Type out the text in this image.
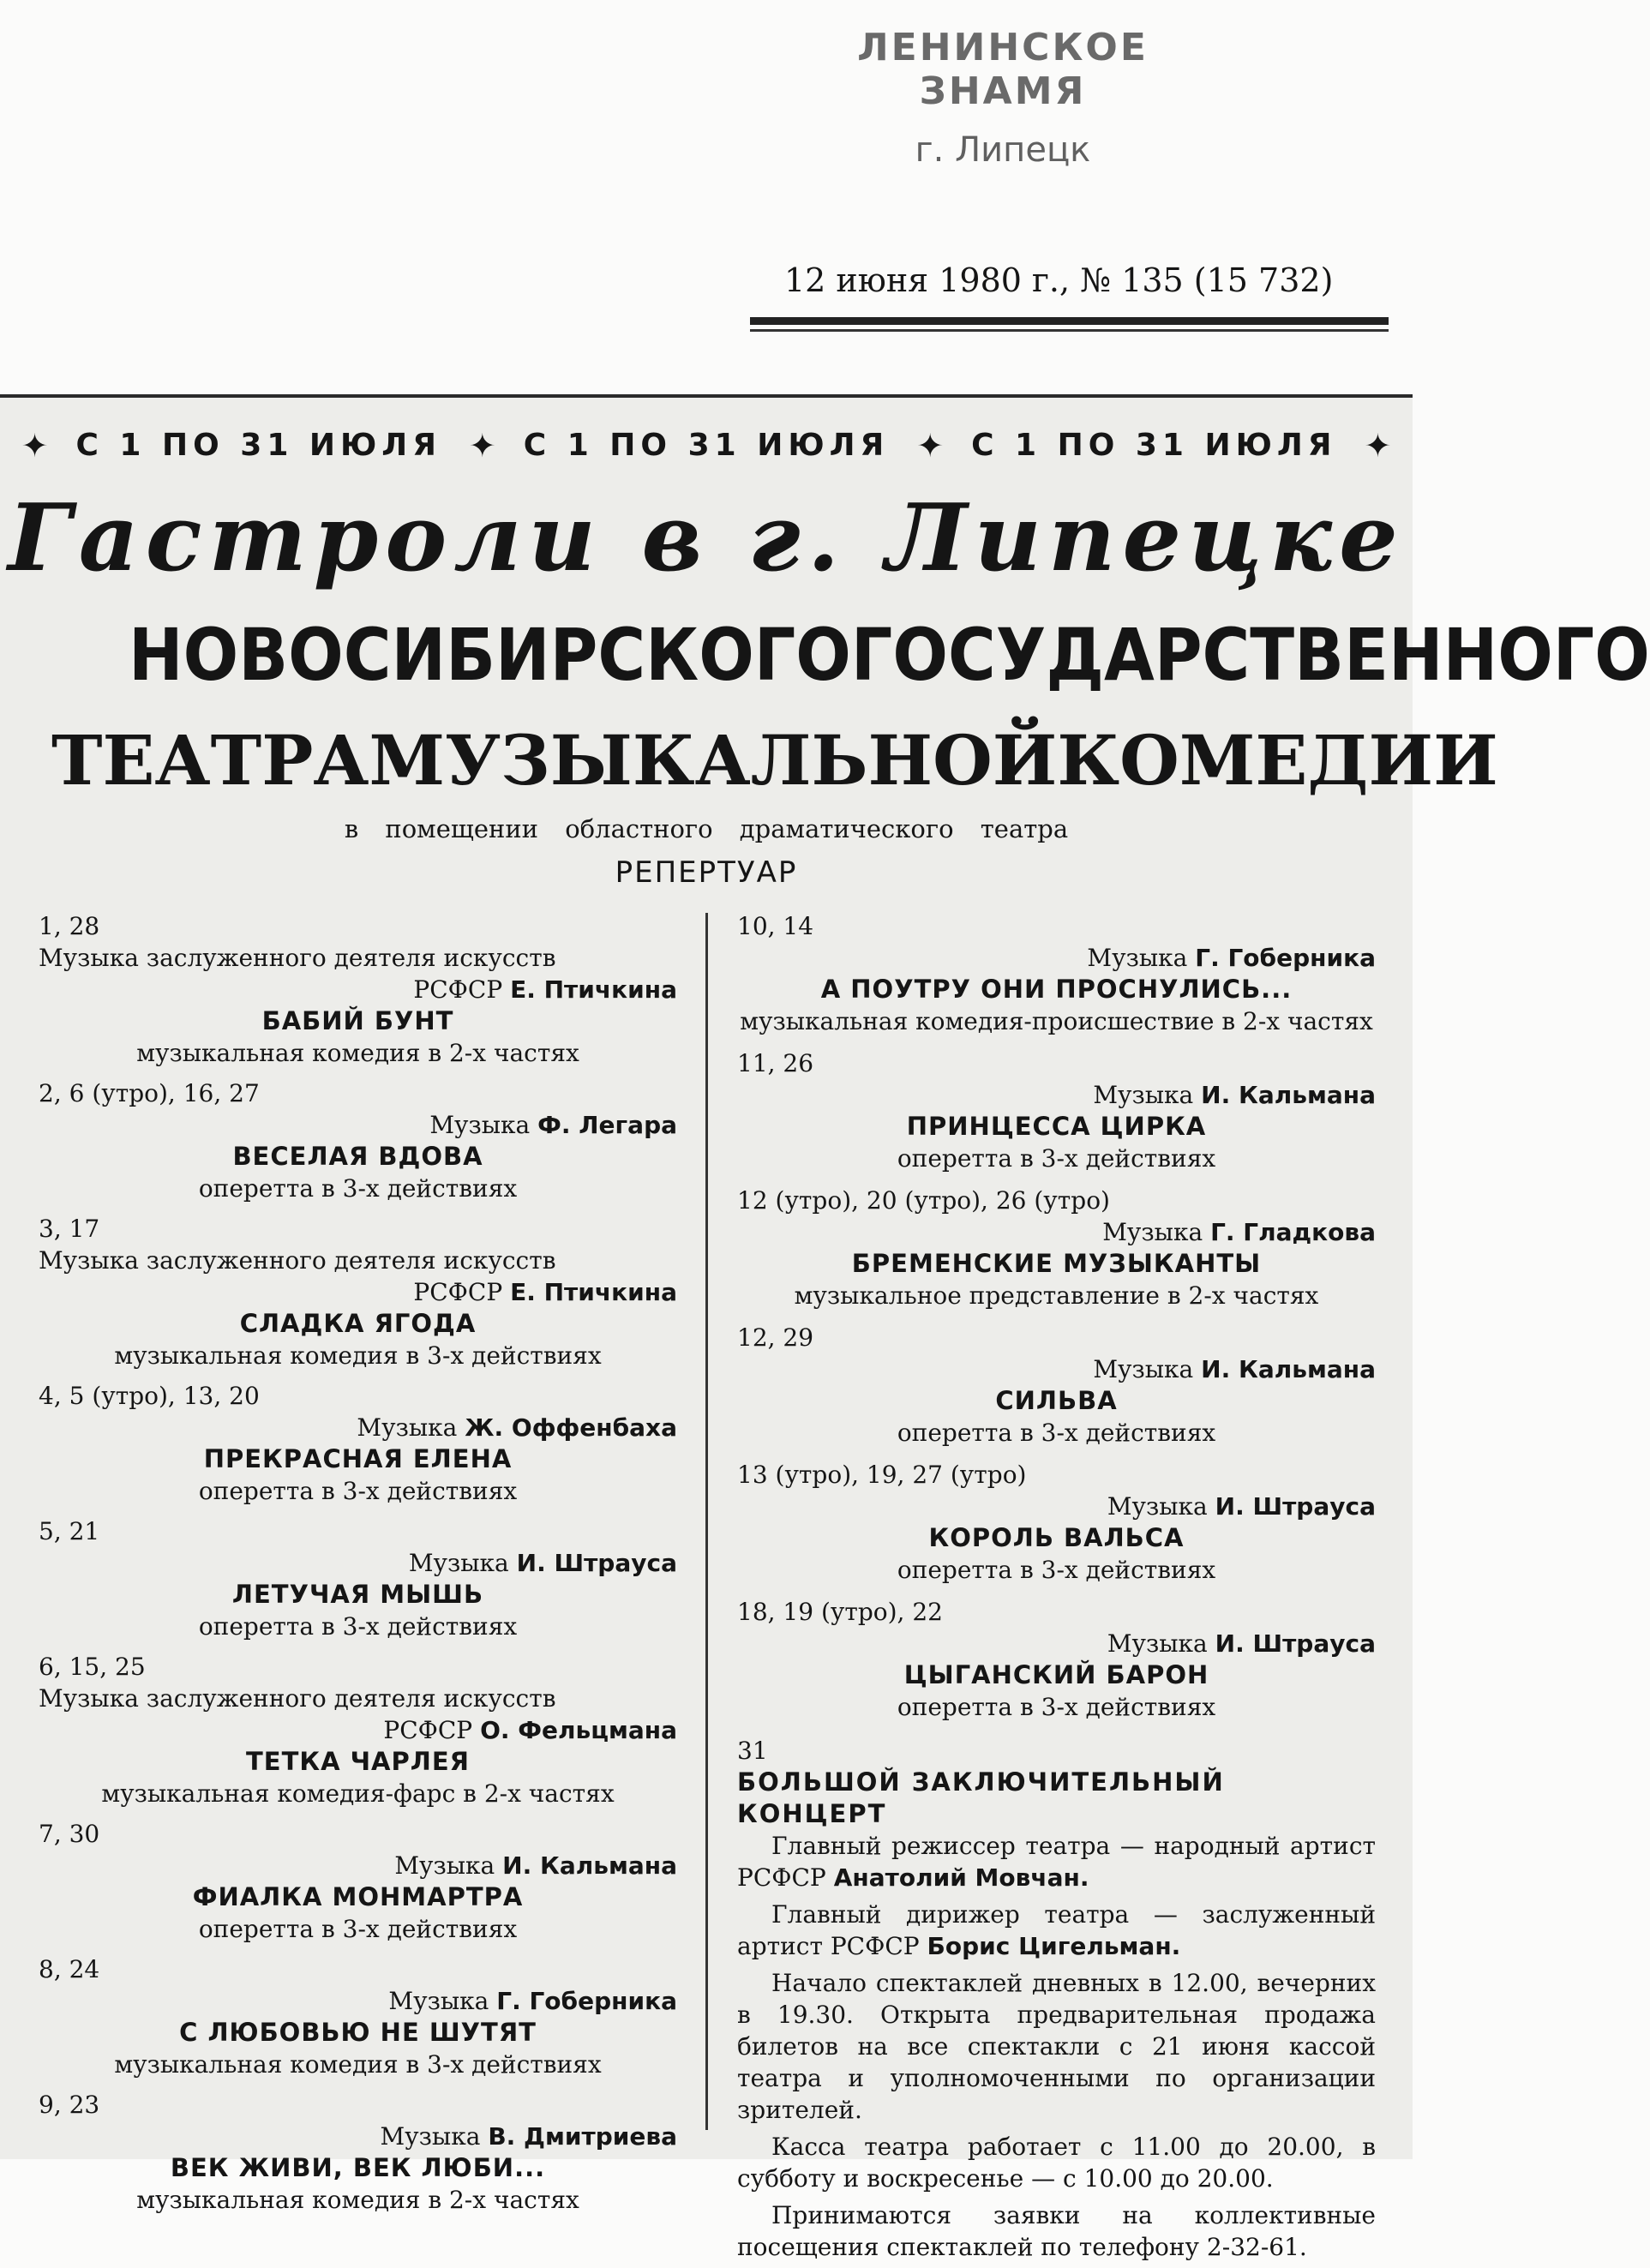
ЛЕНИНСКОЕ ЗНАМЯ
г. Липецк
12 июня 1980 г., № 135 (15 732)
✦ С 1 ПО 31 ИЮЛЯ ✦ С 1 ПО 31 ИЮЛЯ ✦ С 1 ПО 31 ИЮЛЯ ✦
Гастроли в г. Липецке
НОВОСИБИРСКОГО ГОСУДАРСТВЕННОГО
ТЕАТРА МУЗЫКАЛЬНОЙ КОМЕДИИ
в помещении областного драматического театра
РЕПЕРТУАР
1, 28
Музыка заслуженного деятеля искусств
РСФСР Е. Птичкина
БАБИЙ БУНТ
музыкальная комедия в 2-х частях
2, 6 (утро), 16, 27
Музыка Ф. Легара
ВЕСЕЛАЯ ВДОВА
оперетта в 3-х действиях
3, 17
Музыка заслуженного деятеля искусств
РСФСР Е. Птичкина
СЛАДКА ЯГОДА
музыкальная комедия в 3-х действиях
4, 5 (утро), 13, 20
Музыка Ж. Оффенбаха
ПРЕКРАСНАЯ ЕЛЕНА
оперетта в 3-х действиях
5, 21
Музыка И. Штрауса
ЛЕТУЧАЯ МЫШЬ
оперетта в 3-х действиях
6, 15, 25
Музыка заслуженного деятеля искусств
РСФСР О. Фельцмана
ТЕТКА ЧАРЛЕЯ
музыкальная комедия-фарс в 2-х частях
7, 30
Музыка И. Кальмана
ФИАЛКА МОНМАРТРА
оперетта в 3-х действиях
8, 24
Музыка Г. Гоберника
С ЛЮБОВЬЮ НЕ ШУТЯТ
музыкальная комедия в 3-х действиях
9, 23
Музыка В. Дмитриева
ВЕК ЖИВИ, ВЕК ЛЮБИ...
музыкальная комедия в 2-х частях
10, 14
Музыка Г. Гоберника
А ПОУТРУ ОНИ ПРОСНУЛИСЬ...
музыкальная комедия-происшествие в 2-х частях
11, 26
Музыка И. Кальмана
ПРИНЦЕССА ЦИРКА
оперетта в 3-х действиях
12 (утро), 20 (утро), 26 (утро)
Музыка Г. Гладкова
БРЕМЕНСКИЕ МУЗЫКАНТЫ
музыкальное представление в 2-х частях
12, 29
Музыка И. Кальмана
СИЛЬВА
оперетта в 3-х действиях
13 (утро), 19, 27 (утро)
Музыка И. Штрауса
КОРОЛЬ ВАЛЬСА
оперетта в 3-х действиях
18, 19 (утро), 22
Музыка И. Штрауса
ЦЫГАНСКИЙ БАРОН
оперетта в 3-х действиях
31
БОЛЬШОЙ ЗАКЛЮЧИТЕЛЬНЫЙ КОНЦЕРТ

Главный режиссер театра — народный артист РСФСР Анатолий Мовчан.

Главный дирижер театра — заслуженный артист РСФСР Борис Цигельман.

Начало спектаклей дневных в 12.00, вечерних в 19.30. Открыта предварительная продажа билетов на все спектакли с 21 июня кассой театра и уполномоченными по организации зрителей.

Касса театра работает с 11.00 до 20.00, в субботу и воскресенье — с 10.00 до 20.00.

Принимаются заявки на коллективные посещения спектаклей по телефону 2-32-61.
